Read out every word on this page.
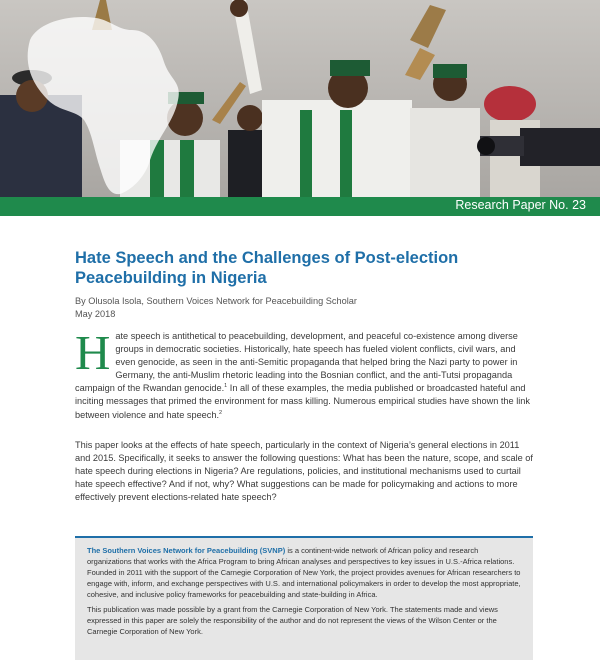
Research Paper No. 23
Hate Speech and the Challenges of Post-election Peacebuilding in Nigeria
By Olusola Isola, Southern Voices Network for Peacebuilding Scholar
May 2018

Hate speech is antithetical to peacebuilding, development, and peaceful co-existence among diverse groups in democratic societies. Historically, hate speech has fueled violent conflicts, civil wars, and even genocide, as seen in the anti-Semitic propaganda that helped bring the Nazi party to power in Germany, the anti-Muslim rhetoric leading into the Bosnian conflict, and the anti-Tutsi propaganda campaign of the Rwandan genocide.$^1$ In all of these examples, the media published or broadcasted hateful and inciting messages that primed the environment for mass killing. Numerous empirical studies have shown the link between violence and hate speech.$^2$

This paper looks at the effects of hate speech, particularly in the context of Nigeria’s general elections in 2011 and 2015. Specifically, it seeks to answer the following questions: What has been the nature, scope, and scale of hate speech during elections in Nigeria? Are regulations, policies, and institutional mechanisms used to curtail hate speech effective? And if not, why? What suggestions can be made for policymaking and actions to more effectively prevent elections-related hate speech?

The Southern Voices Network for Peacebuilding (SVNP) is a continent-wide network of African policy and research organizations that works with the Africa Program to bring African analyses and perspectives to key issues in U.S.-Africa relations. Founded in 2011 with the support of the Carnegie Corporation of New York, the project provides avenues for African researchers to engage with, inform, and exchange perspectives with U.S. and international policymakers in order to develop the most appropriate, cohesive, and inclusive policy frameworks for peacebuilding and state-building in Africa.

This publication was made possible by a grant from the Carnegie Corporation of New York. The statements made and views expressed in this paper are solely the responsibility of the author and do not represent the views of the Wilson Center or the Carnegie Corporation of New York.
